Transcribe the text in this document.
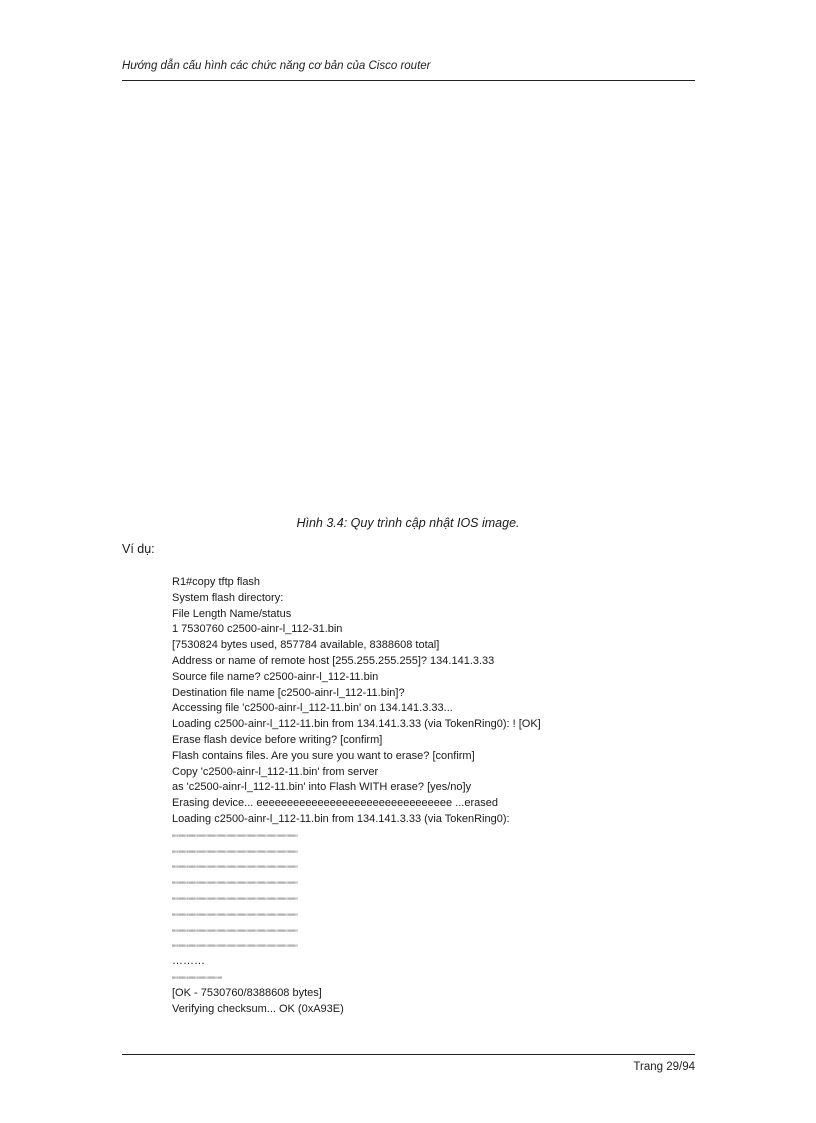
Hướng dẫn cấu hình các chức năng cơ bản của Cisco router
Hình 3.4: Quy trình cập nhật IOS image.
Ví dụ:
R1#copy tftp flash
System flash directory:
File Length Name/status
1 7530760 c2500-ainr-l_112-31.bin
[7530824 bytes used, 857784 available, 8388608 total]
Address or name of remote host [255.255.255.255]? 134.141.3.33
Source file name? c2500-ainr-l_112-11.bin
Destination file name [c2500-ainr-l_112-11.bin]?
Accessing file 'c2500-ainr-l_112-11.bin' on 134.141.3.33...
Loading c2500-ainr-l_112-11.bin from 134.141.3.33 (via TokenRing0): ! [OK]
Erase flash device before writing? [confirm]
Flash contains files. Are you sure you want to erase? [confirm]
Copy 'c2500-ainr-l_112-11.bin' from server
as 'c2500-ainr-l_112-11.bin' into Flash WITH erase? [yes/no]y
Erasing device... eeeeeeeeeeeeeeeeeeeeeeeeeeeeeeee ...erased
Loading c2500-ainr-l_112-11.bin from 134.141.3.33 (via TokenRing0):
!!!!!!!!!!!!!!!!!!!!!!!!!!!!!!!!!!!!!!!!!!!!!!!!!!!!!!!!!!!!!!!!!!!!!!!!!!!!!!!!!!!!!!!!!!!!!!!!!!!!!!!!!!!!!!!!!
!!!!!!!!!!!!!!!!!!!!!!!!!!!!!!!!!!!!!!!!!!!!!!!!!!!!!!!!!!!!!!!!!!!!!!!!!!!!!!!!!!!!!!!!!!!!!!!!!!!!!!!!!!!!!!!!!
!!!!!!!!!!!!!!!!!!!!!!!!!!!!!!!!!!!!!!!!!!!!!!!!!!!!!!!!!!!!!!!!!!!!!!!!!!!!!!!!!!!!!!!!!!!!!!!!!!!!!!!!!!!!!!!!!
!!!!!!!!!!!!!!!!!!!!!!!!!!!!!!!!!!!!!!!!!!!!!!!!!!!!!!!!!!!!!!!!!!!!!!!!!!!!!!!!!!!!!!!!!!!!!!!!!!!!!!!!!!!!!!!!!
!!!!!!!!!!!!!!!!!!!!!!!!!!!!!!!!!!!!!!!!!!!!!!!!!!!!!!!!!!!!!!!!!!!!!!!!!!!!!!!!!!!!!!!!!!!!!!!!!!!!!!!!!!!!!!!!!
!!!!!!!!!!!!!!!!!!!!!!!!!!!!!!!!!!!!!!!!!!!!!!!!!!!!!!!!!!!!!!!!!!!!!!!!!!!!!!!!!!!!!!!!!!!!!!!!!!!!!!!!!!!!!!!!!
!!!!!!!!!!!!!!!!!!!!!!!!!!!!!!!!!!!!!!!!!!!!!!!!!!!!!!!!!!!!!!!!!!!!!!!!!!!!!!!!!!!!!!!!!!!!!!!!!!!!!!!!!!!!!!!!!
!!!!!!!!!!!!!!!!!!!!!!!!!!!!!!!!!!!!!!!!!!!!!!!!!!!!!!!!!!!!!!!!!!!!!!!!!!!!!!!!!!!!!!!!!!!!!!!!!!!!!!!!!!!!!!!!!
………
!!!!!!!!!!!!!!!!!!!!!!!!!!!!!!!!!!!!!!!!!!!!!
[OK - 7530760/8388608 bytes]
Verifying checksum... OK (0xA93E)
Trang 29/94
